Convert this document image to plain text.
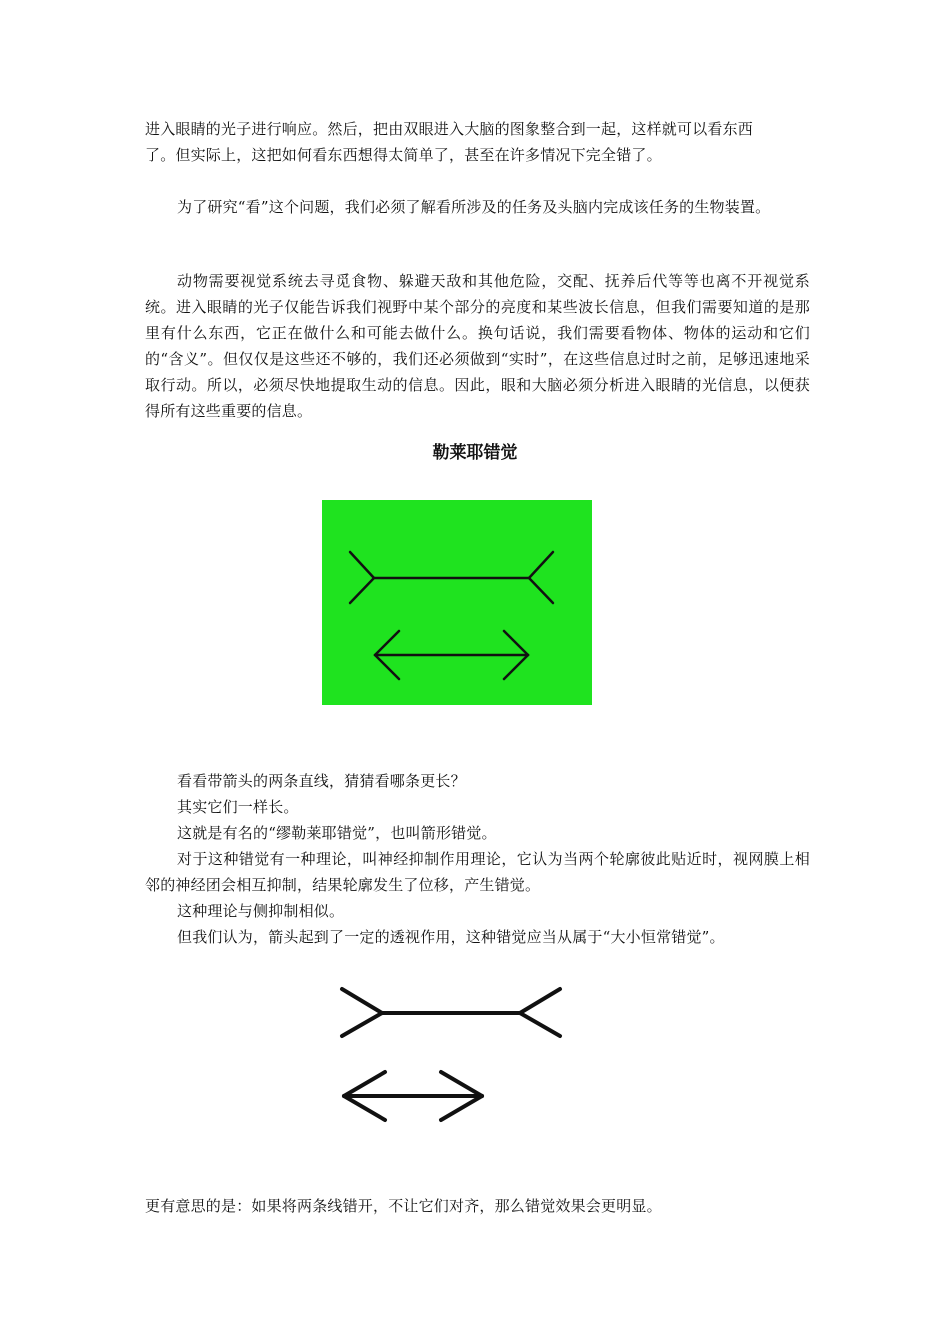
进入眼睛的光子进行响应。然后，把由双眼进入大脑的图象整合到一起，这样就可以看东西

了。但实际上，这把如何看东西想得太简单了，甚至在许多情况下完全错了。

为了研究“看”这个问题，我们必须了解看所涉及的任务及头脑内完成该任务的生物装置。

动物需要视觉系统去寻觅食物、躲避天敌和其他危险，交配、抚养后代等等也离不开视觉系统。进入眼睛的光子仅能告诉我们视野中某个部分的亮度和某些波长信息，但我们需要知道的是那里有什么东西，它正在做什么和可能去做什么。换句话说，我们需要看物体、物体的运动和它们的“含义”。但仅仅是这些还不够的，我们还必须做到“实时”，在这些信息过时之前，足够迅速地采取行动。所以，必须尽快地提取生动的信息。因此，眼和大脑必须分析进入眼睛的光信息，以便获得所有这些重要的信息。

勒莱耶错觉

看看带箭头的两条直线，猜猜看哪条更长？

其实它们一样长。

这就是有名的“缪勒莱耶错觉”，也叫箭形错觉。

对于这种错觉有一种理论，叫神经抑制作用理论，它认为当两个轮廓彼此贴近时，视网膜上相邻的神经团会相互抑制，结果轮廓发生了位移，产生错觉。

这种理论与侧抑制相似。

但我们认为，箭头起到了一定的透视作用，这种错觉应当从属于“大小恒常错觉”。

更有意思的是：如果将两条线错开，不让它们对齐，那么错觉效果会更明显。
